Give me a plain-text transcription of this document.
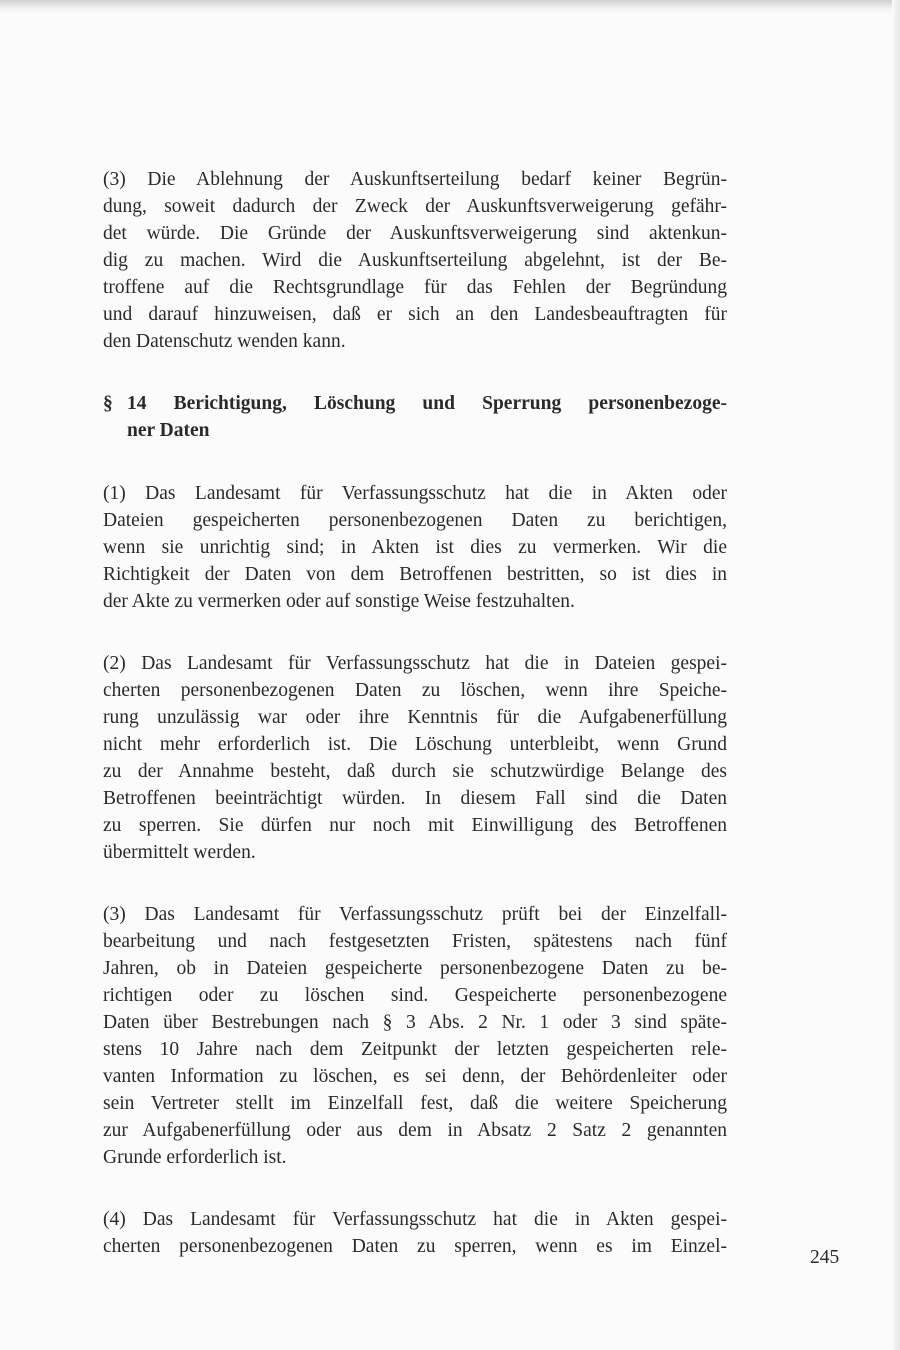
(3) Die Ablehnung der Auskunftserteilung bedarf keiner Begrün-
dung, soweit dadurch der Zweck der Auskunftsverweigerung gefähr-
det würde. Die Gründe der Auskunftsverweigerung sind aktenkun-
dig zu machen. Wird die Auskunftserteilung abgelehnt, ist der Be-
troffene auf die Rechtsgrundlage für das Fehlen der Begründung
und darauf hinzuweisen, daß er sich an den Landesbeauftragten für
den Datenschutz wenden kann.

§ 14 Berichtigung, Löschung und Sperrung personenbezoge-
ner Daten

(1) Das Landesamt für Verfassungsschutz hat die in Akten oder
Dateien gespeicherten personenbezogenen Daten zu berichtigen,
wenn sie unrichtig sind; in Akten ist dies zu vermerken. Wir die
Richtigkeit der Daten von dem Betroffenen bestritten, so ist dies in
der Akte zu vermerken oder auf sonstige Weise festzuhalten.

(2) Das Landesamt für Verfassungsschutz hat die in Dateien gespei-
cherten personenbezogenen Daten zu löschen, wenn ihre Speiche-
rung unzulässig war oder ihre Kenntnis für die Aufgabenerfüllung
nicht mehr erforderlich ist. Die Löschung unterbleibt, wenn Grund
zu der Annahme besteht, daß durch sie schutzwürdige Belange des
Betroffenen beeinträchtigt würden. In diesem Fall sind die Daten
zu sperren. Sie dürfen nur noch mit Einwilligung des Betroffenen
übermittelt werden.

(3) Das Landesamt für Verfassungsschutz prüft bei der Einzelfall-
bearbeitung und nach festgesetzten Fristen, spätestens nach fünf
Jahren, ob in Dateien gespeicherte personenbezogene Daten zu be-
richtigen oder zu löschen sind. Gespeicherte personenbezogene
Daten über Bestrebungen nach § 3 Abs. 2 Nr. 1 oder 3 sind späte-
stens 10 Jahre nach dem Zeitpunkt der letzten gespeicherten rele-
vanten Information zu löschen, es sei denn, der Behördenleiter oder
sein Vertreter stellt im Einzelfall fest, daß die weitere Speicherung
zur Aufgabenerfüllung oder aus dem in Absatz 2 Satz 2 genannten
Grunde erforderlich ist.

(4) Das Landesamt für Verfassungsschutz hat die in Akten gespei-
cherten personenbezogenen Daten zu sperren, wenn es im Einzel-

245
